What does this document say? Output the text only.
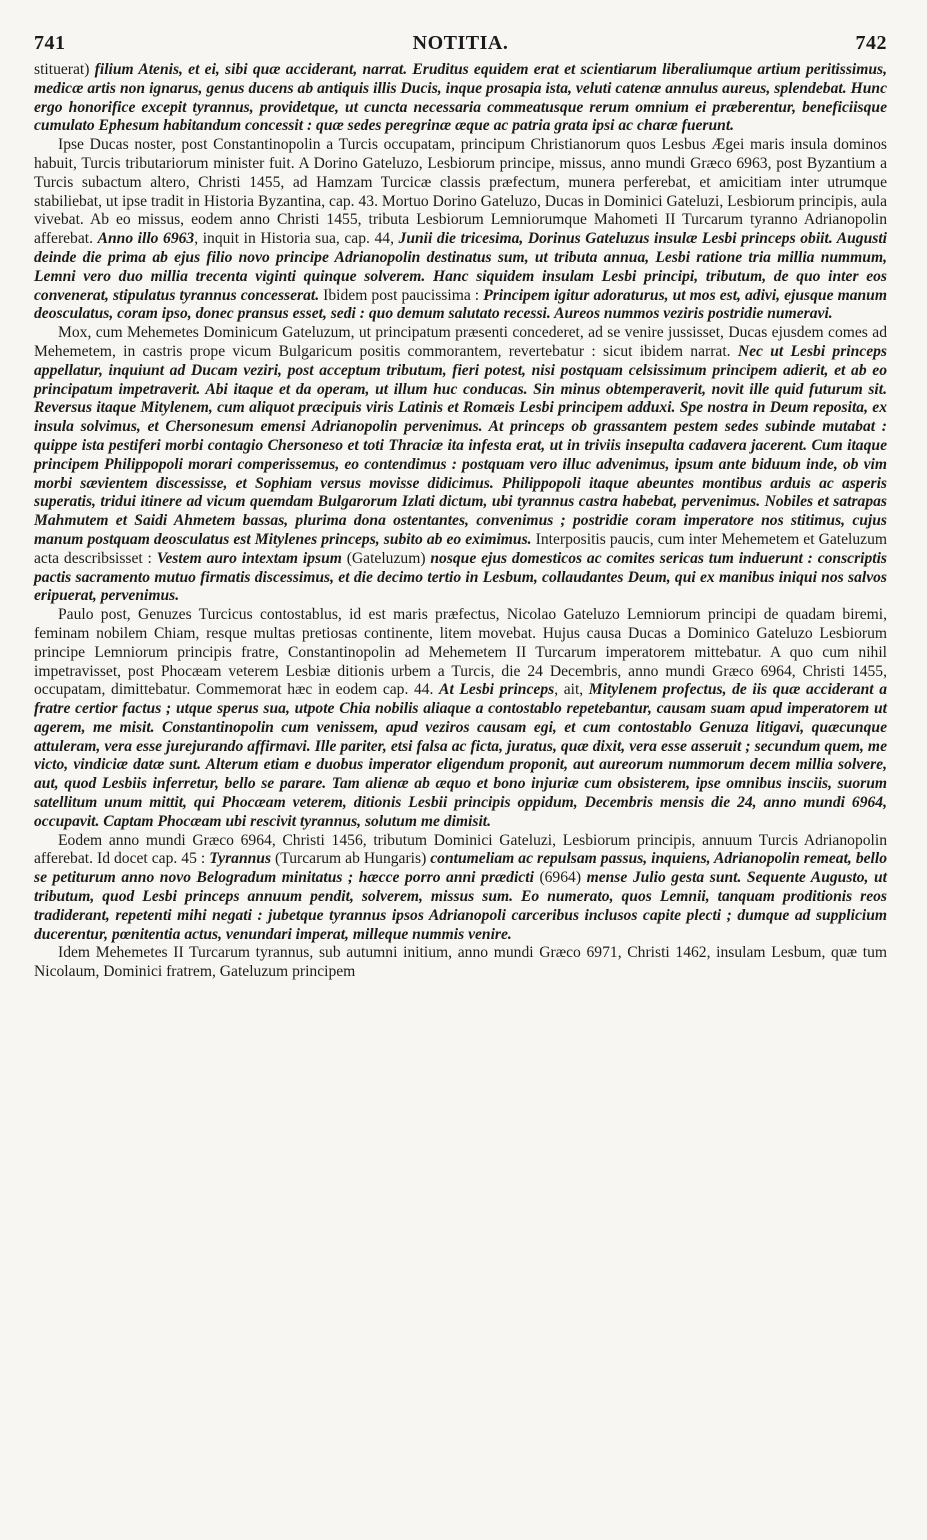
741	NOTITIA.	742

stituerat) filium Atenis, et ei, sibi quæ acciderant, narrat. Eruditus equidem erat et scientiarum liberaliumque artium peritissimus, medicæ artis non ignarus, genus ducens ab antiquis illis Ducis, inque prosapia ista, veluti catenæ annulus aureus, splendebat. Hunc ergo honorifice excepit tyrannus, providetque, ut cuncta necessaria commeatusque rerum omnium ei præberentur, beneficiisque cumulato Ephesum habitandum concessit : quæ sedes peregrinæ æque ac patria grata ipsi ac charæ fuerunt.

Ipse Ducas noster, post Constantinopolin a Turcis occupatam, principum Christianorum quos Lesbus Ægei maris insula dominos habuit, Turcis tributariorum minister fuit. A Dorino Gateluzo, Lesbiorum principe, missus, anno mundi Græco 6963, post Byzantium a Turcis subactum altero, Christi 1455, ad Hamzam Turcicæ classis præfectum, munera perferebat, et amicitiam inter utrumque stabiliebat, ut ipse tradit in Historia Byzantina, cap. 43. Mortuo Dorino Gateluzo, Ducas in Dominici Gateluzi, Lesbiorum principis, aula vivebat. Ab eo missus, eodem anno Christi 1455, tributa Lesbiorum Lemniorumque Mahometi II Turcarum tyranno Adrianopolin afferebat. Anno illo 6963, inquit in Historia sua, cap. 44, Junii die tricesima, Dorinus Gateluzus insulæ Lesbi princeps obiit. Augusti deinde die prima ab ejus filio novo principe Adrianopolin destinatus sum, ut tributa annua, Lesbi ratione tria millia nummum, Lemni vero duo millia trecenta viginti quinque solverem. Hanc siquidem insulam Lesbi principi, tributum, de quo inter eos convenerat, stipulatus tyrannus concesserat. Ibidem post paucissima : Principem igitur adoraturus, ut mos est, adivi, ejusque manum deosculatus, coram ipso, donec pransus esset, sedi : quo demum salutato recessi. Aureos nummos veziris postridie numeravi.

Mox, cum Mehemetes Dominicum Gateluzum, ut principatum præsenti concederet, ad se venire jussisset, Ducas ejusdem comes ad Mehemetem, in castris prope vicum Bulgaricum positis commorantem, revertebatur : sicut ibidem narrat. Nec ut Lesbi princeps appellatur, inquiunt ad Ducam veziri, post acceptum tributum, fieri potest, nisi postquam celsissimum principem adierit, et ab eo principatum impetraverit. Abi itaque et da operam, ut illum huc conducas. Sin minus obtemperaverit, novit ille quid futurum sit. Reversus itaque Mitylenem, cum aliquot præcipuis viris Latinis et Romæis Lesbi principem adduxi. Spe nostra in Deum reposita, ex insula solvimus, et Chersonesum emensi Adrianopolin pervenimus. At princeps ob grassantem pestem sedes subinde mutabat : quippe ista pestiferi morbi contagio Chersoneso et toti Thraciæ ita infesta erat, ut in triviis insepulta cadavera jacerent. Cum itaque principem Philippopoli morari comperissemus, eo contendimus : postquam vero illuc advenimus, ipsum ante biduum inde, ob vim morbi sævientem discessisse, et Sophiam versus movisse didicimus. Philippopoli itaque abeuntes montibus arduis ac asperis superatis, tridui itinere ad vicum quemdam Bulgarorum Izlati dictum, ubi tyrannus castra habebat, pervenimus. Nobiles et satrapas Mahmutem et Saidi Ahmetem bassas, plurima dona ostentantes, convenimus ; postridie coram imperatore nos stitimus, cujus manum postquam deosculatus est Mitylenes princeps, subito ab eo eximimus. Interpositis paucis, cum inter Mehemetem et Gateluzum acta describsisset : Vestem auro intextam ipsum (Gateluzum) nosque ejus domesticos ac comites sericas tum induerunt : conscriptis pactis sacramento mutuo firmatis discessimus, et die decimo tertio in Lesbum, collaudantes Deum, qui ex manibus iniqui nos salvos eripuerat, pervenimus.

Paulo post, Genuzes Turcicus contostablus, id est maris præfectus, Nicolao Gateluzo Lemniorum principi de quadam biremi, feminam nobilem Chiam, resque multas pretiosas continente, litem movebat. Hujus causa Ducas a Dominico Gateluzo Lesbiorum principe Lemniorum principis fratre, Constantinopolin ad Mehemetem II Turcarum imperatorem mittebatur. A quo cum nihil impetravisset, post Phocæam veterem Lesbiæ ditionis urbem a Turcis, die 24 Decembris, anno mundi Græco 6964, Christi 1455, occupatam, dimittebatur. Commemorat hæc in eodem cap. 44. At Lesbi princeps, ait, Mitylenem profectus, de iis quæ acciderant a fratre certior factus ; utque sperus sua, utpote Chia nobilis aliaque a contostablo repetebantur, causam suam apud imperatorem ut agerem, me misit. Constantinopolin cum venissem, apud veziros causam egi, et cum contostablo Genuza litigavi, quæcunque attuleram, vera esse jurejurando affirmavi. Ille pariter, etsi falsa ac ficta, juratus, quæ dixit, vera esse asseruit ; secundum quem, me victo, vindiciæ datæ sunt. Alterum etiam e duobus imperator eligendum proponit, aut aureorum nummorum decem millia solvere, aut, quod Lesbiis inferretur, bello se parare. Tam alienæ ab æquo et bono injuriæ cum obsisterem, ipse omnibus insciis, suorum satellitum unum mittit, qui Phocæam veterem, ditionis Lesbii principis oppidum, Decembris mensis die 24, anno mundi 6964, occupavit. Captam Phocæam ubi rescivit tyrannus, solutum me dimisit.

Eodem anno mundi Græco 6964, Christi 1456, tributum Dominici Gateluzi, Lesbiorum principis, annuum Turcis Adrianopolin afferebat. Id docet cap. 45 : Tyrannus (Turcarum ab Hungaris) contumeliam ac repulsam passus, inquiens, Adrianopolin remeat, bello se petiturum anno novo Belogradum minitatus ; hæcce porro anni prædicti (6964) mense Julio gesta sunt. Sequente Augusto, ut tributum, quod Lesbi princeps annuum pendit, solverem, missus sum. Eo numerato, quos Lemnii, tanquam proditionis reos tradiderant, repetenti mihi negati : jubetque tyrannus ipsos Adrianopoli carceribus inclusos capite plecti ; dumque ad supplicium ducerentur, pœnitentia actus, venundari imperat, milleque nummis venire.

Idem Mehemetes II Turcarum tyrannus, sub autumni initium, anno mundi Græco 6971, Christi 1462, insulam Lesbum, quæ tum Nicolaum, Dominici fratrem, Gateluzum principem
